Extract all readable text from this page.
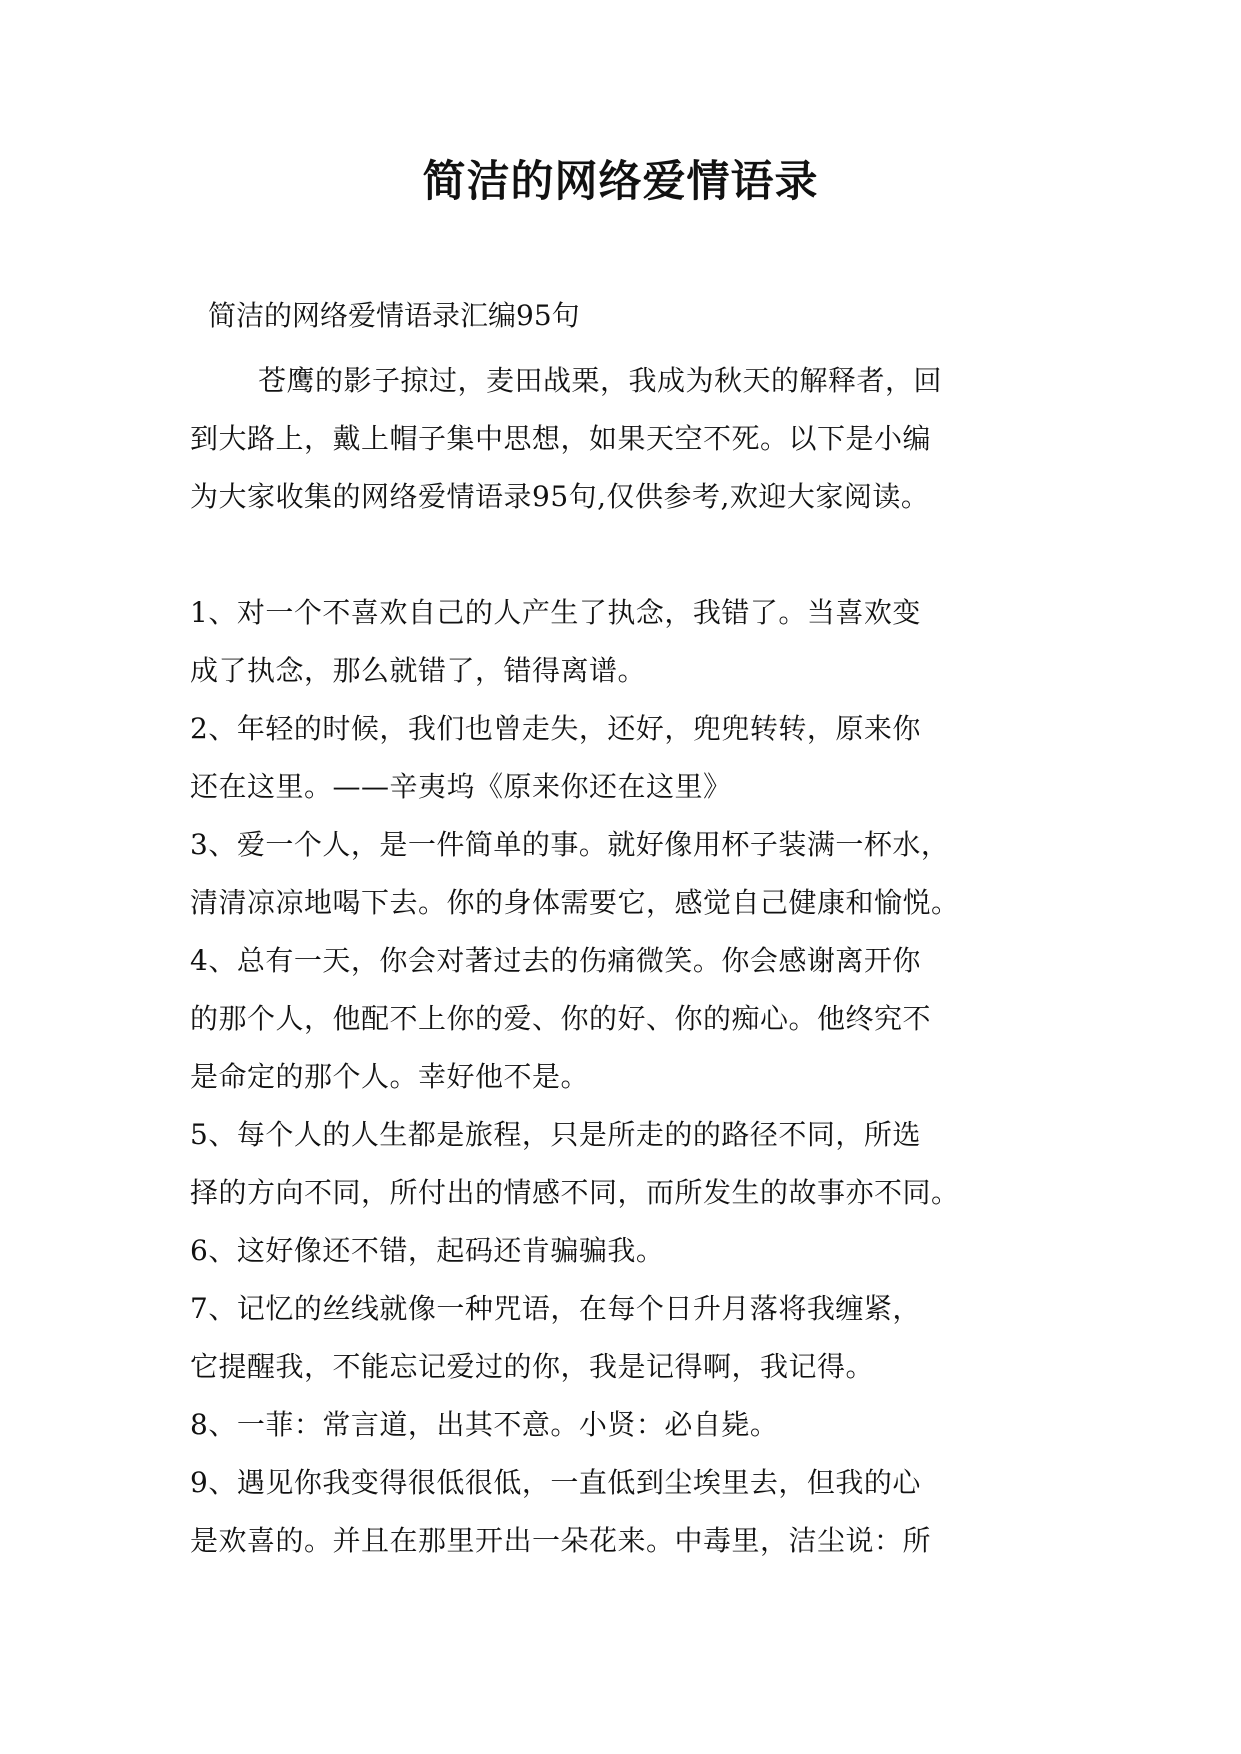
简洁的网络爱情语录
简洁的网络爱情语录汇编95句
苍鹰的影子掠过，麦田战栗，我成为秋天的解释者，回
到大路上，戴上帽子集中思想，如果天空不死。以下是小编
为大家收集的网络爱情语录95句,仅供参考,欢迎大家阅读。
1、对一个不喜欢自己的人产生了执念，我错了。当喜欢变
成了执念，那么就错了，错得离谱。
2、年轻的时候，我们也曾走失，还好，兜兜转转，原来你
还在这里。——辛夷坞《原来你还在这里》
3、爱一个人，是一件简单的事。就好像用杯子装满一杯水，
清清凉凉地喝下去。你的身体需要它，感觉自己健康和愉悦。
4、总有一天，你会对著过去的伤痛微笑。你会感谢离开你
的那个人，他配不上你的爱、你的好、你的痴心。他终究不
是命定的那个人。幸好他不是。
5、每个人的人生都是旅程，只是所走的的路径不同，所选
择的方向不同，所付出的情感不同，而所发生的故事亦不同。
6、这好像还不错，起码还肯骗骗我。
7、记忆的丝线就像一种咒语，在每个日升月落将我缠紧，
它提醒我，不能忘记爱过的你，我是记得啊，我记得。
8、一菲：常言道，出其不意。小贤：必自毙。
9、遇见你我变得很低很低，一直低到尘埃里去，但我的心
是欢喜的。并且在那里开出一朵花来。中毒里，洁尘说：所
